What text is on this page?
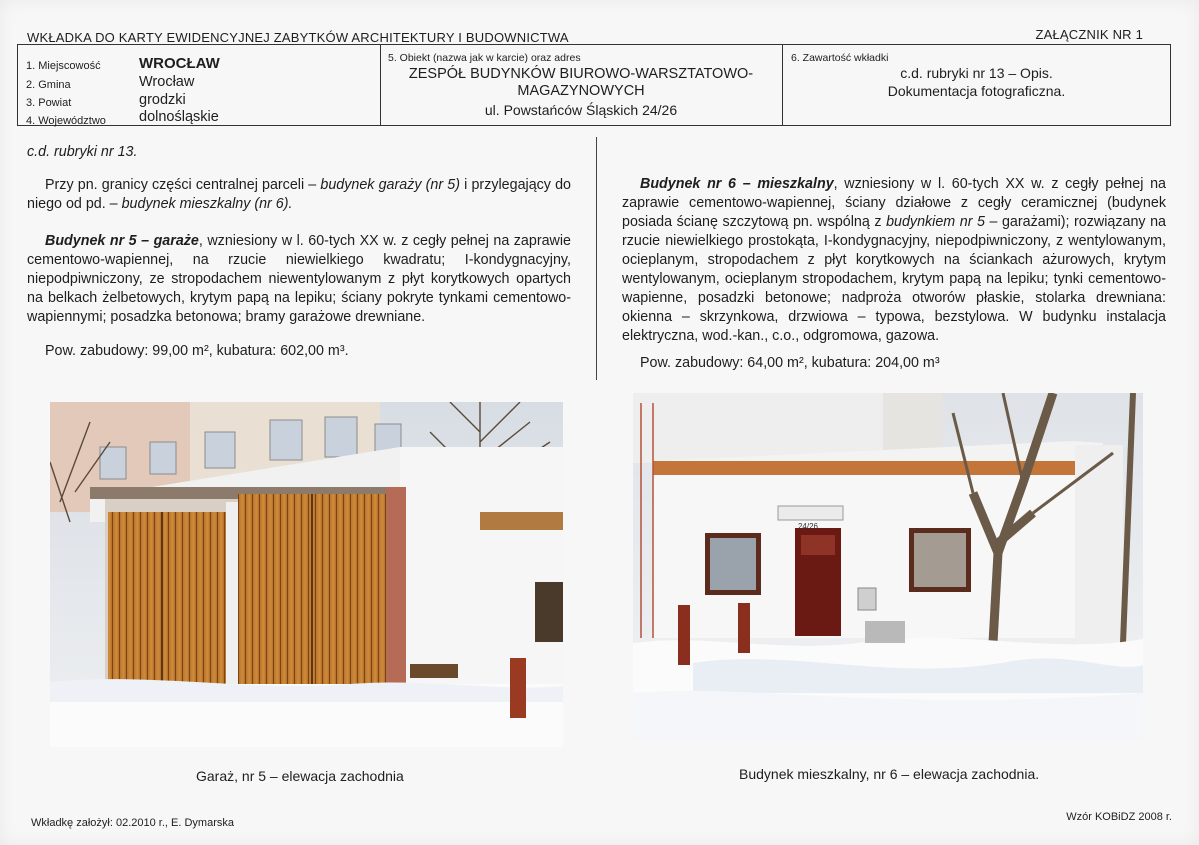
WKŁADKA DO KARTY EWIDENCYJNEJ ZABYTKÓW ARCHITEKTURY I BUDOWNICTWA	ZAŁĄCZNIK NR 1
1. Miejscowość	WROCŁAW
2. Gmina	Wrocław
3. Powiat	grodzki
4. Województwo dolnośląskie
5. Obiekt (nazwa jak w karcie) oraz adres
ZESPÓŁ BUDYNKÓW BIUROWO-WARSZTATOWO-
MAGAZYNOWYCH
ul. Powstańców Śląskich 24/26
6. Zawartość wkładki
c.d. rubryki nr 13 – Opis.
Dokumentacja fotograficzna.
c.d. rubryki nr 13.
Przy pn. granicy części centralnej parceli – budynek garaży (nr 5) i przylegający do niego od pd. – budynek mieszkalny (nr 6).
Budynek nr 5 – garaże, wzniesiony w l. 60-tych XX w. z cegły pełnej na zaprawie cementowo-wapiennej, na rzucie niewielkiego kwadratu; I-kondygnacyjny, niepodpiwniczony, ze stropodachem niewentylowanym z płyt korytkowych opartych na belkach żelbetowych, krytym papą na lepiku; ściany pokryte tynkami cementowo-wapiennymi; posadzka betonowa; bramy garażowe drewniane.
Pow. zabudowy: 99,00 m², kubatura: 602,00 m³.
Budynek nr 6 – mieszkalny, wzniesiony w l. 60-tych XX w. z cegły pełnej na zaprawie cementowo-wapiennej, ściany działowe z cegły ceramicznej (budynek posiada ścianę szczytową pn. wspólną z budynkiem nr 5 – garażami); rozwiązany na rzucie niewielkiego prostokąta, I-kondygnacyjny, niepodpiwniczony, z wentylowanym, ocieplanym, stropodachem z płyt korytkowych na ściankach ażurowych, krytym wentylowanym, ocieplanym stropodachem, krytym papą na lepiku; tynki cementowo-wapienne, posadzki betonowe; nadproża otworów płaskie, stolarka drewniana: okienna – skrzynkowa, drzwiowa – typowa, bezstylowa. W budynku instalacja elektryczna, wod.-kan., c.o., odgromowa, gazowa.
Pow. zabudowy: 64,00 m², kubatura: 204,00 m³
Garaż, nr 5 – elewacja zachodnia
24/26
Budynek mieszkalny, nr 6 – elewacja zachodnia.
Wkładkę założył: 02.2010 r., E. Dymarska	Wzór KOBiDZ 2008 r.
